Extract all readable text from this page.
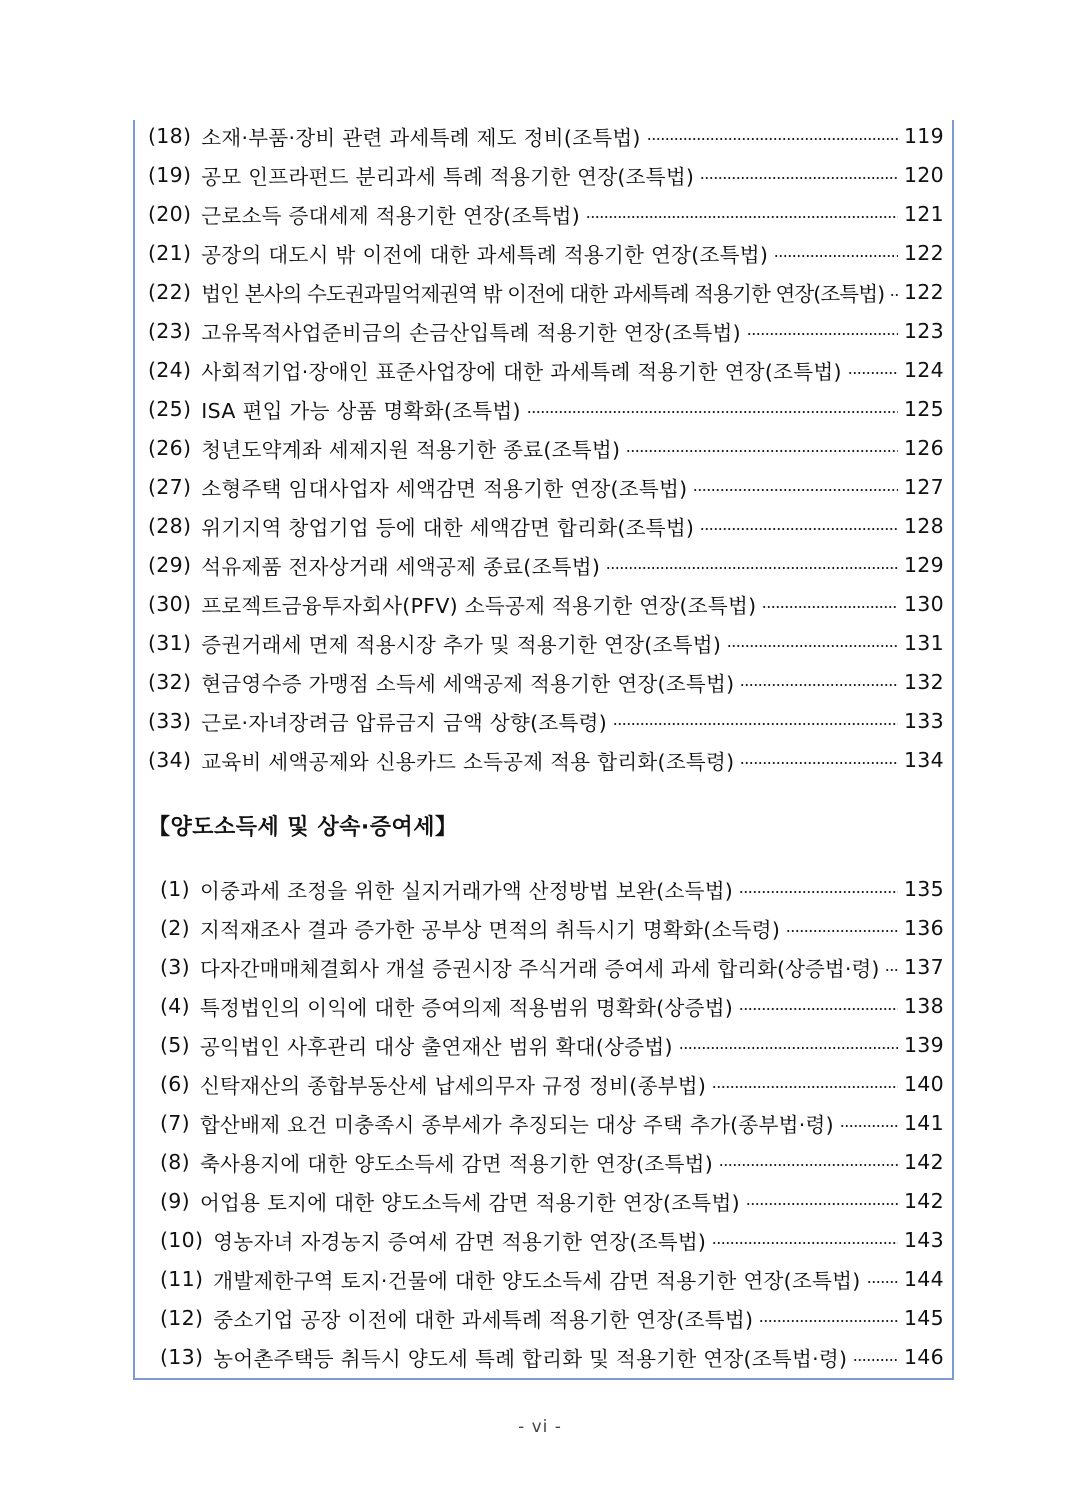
(18) 소재·부품·장비 관련 과세특례 제도 정비(조특법)	119
(19) 공모 인프라펀드 분리과세 특례 적용기한 연장(조특법)	120
(20) 근로소득 증대세제 적용기한 연장(조특법)	121
(21) 공장의 대도시 밖 이전에 대한 과세특례 적용기한 연장(조특법)	122
(22) 법인 본사의 수도권과밀억제권역 밖 이전에 대한 과세특례 적용기한 연장(조특법) 122
(23) 고유목적사업준비금의 손금산입특례 적용기한 연장(조특법)	123
(24) 사회적기업·장애인 표준사업장에 대한 과세특례 적용기한 연장(조특법)	124
(25) ISA 편입 가능 상품 명확화(조특법)	125
(26) 청년도약계좌 세제지원 적용기한 종료(조특법)	126
(27) 소형주택 임대사업자 세액감면 적용기한 연장(조특법)	127
(28) 위기지역 창업기업 등에 대한 세액감면 합리화(조특법)	128
(29) 석유제품 전자상거래 세액공제 종료(조특법)	129
(30) 프로젝트금융투자회사(PFV) 소득공제 적용기한 연장(조특법)	130
(31) 증권거래세 면제 적용시장 추가 및 적용기한 연장(조특법)	131
(32) 현금영수증 가맹점 소득세 세액공제 적용기한 연장(조특법)	132
(33) 근로·자녀장려금 압류금지 금액 상향(조특령)	133
(34) 교육비 세액공제와 신용카드 소득공제 적용 합리화(조특령)	134
【양도소득세 및 상속·증여세】
(1) 이중과세 조정을 위한 실지거래가액 산정방법 보완(소득법)	135
(2) 지적재조사 결과 증가한 공부상 면적의 취득시기 명확화(소득령)	136
(3) 다자간매매체결회사 개설 증권시장 주식거래 증여세 과세 합리화(상증법·령) 137
(4) 특정법인의 이익에 대한 증여의제 적용범위 명확화(상증법)	138
(5) 공익법인 사후관리 대상 출연재산 범위 확대(상증법)	139
(6) 신탁재산의 종합부동산세 납세의무자 규정 정비(종부법)	140
(7) 합산배제 요건 미충족시 종부세가 추징되는 대상 주택 추가(종부법·령)	141
(8) 축사용지에 대한 양도소득세 감면 적용기한 연장(조특법)	142
(9) 어업용 토지에 대한 양도소득세 감면 적용기한 연장(조특법)	142
(10) 영농자녀 자경농지 증여세 감면 적용기한 연장(조특법)	143
(11) 개발제한구역 토지·건물에 대한 양도소득세 감면 적용기한 연장(조특법) 144
(12) 중소기업 공장 이전에 대한 과세특례 적용기한 연장(조특법)	145
(13) 농어촌주택등 취득시 양도세 특례 합리화 및 적용기한 연장(조특법·령)	146
- vi -
